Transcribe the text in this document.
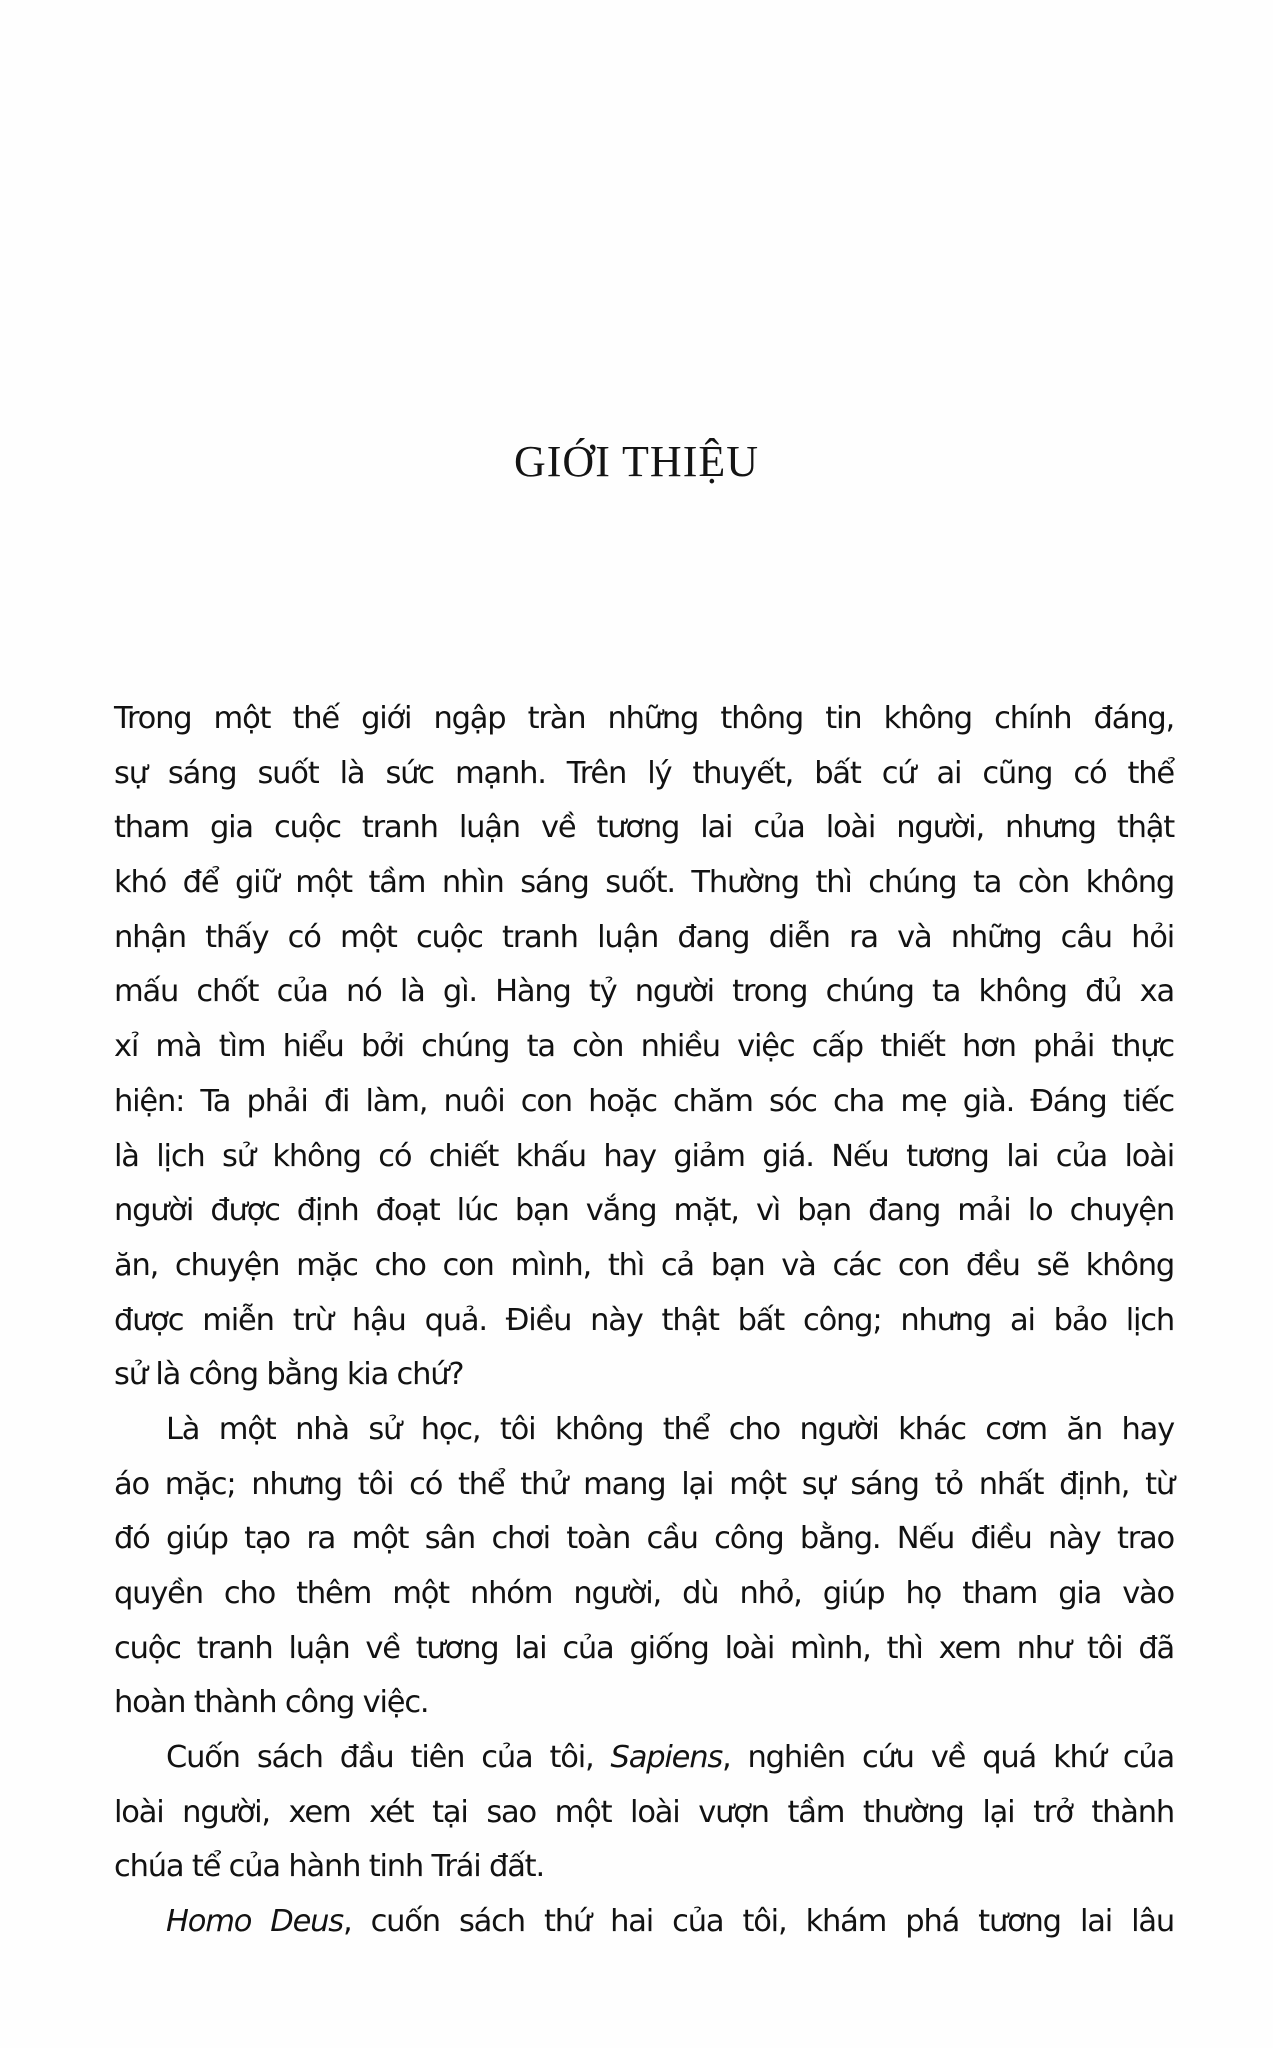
GIỚI THIỆU
Trong một thế giới ngập tràn những thông tin không chính đáng,
sự sáng suốt là sức mạnh. Trên lý thuyết, bất cứ ai cũng có thể
tham gia cuộc tranh luận về tương lai của loài người, nhưng thật
khó để giữ một tầm nhìn sáng suốt. Thường thì chúng ta còn không
nhận thấy có một cuộc tranh luận đang diễn ra và những câu hỏi
mấu chốt của nó là gì. Hàng tỷ người trong chúng ta không đủ xa
xỉ mà tìm hiểu bởi chúng ta còn nhiều việc cấp thiết hơn phải thực
hiện: Ta phải đi làm, nuôi con hoặc chăm sóc cha mẹ già. Đáng tiếc
là lịch sử không có chiết khấu hay giảm giá. Nếu tương lai của loài
người được định đoạt lúc bạn vắng mặt, vì bạn đang mải lo chuyện
ăn, chuyện mặc cho con mình, thì cả bạn và các con đều sẽ không
được miễn trừ hậu quả. Điều này thật bất công; nhưng ai bảo lịch
sử là công bằng kia chứ?
Là một nhà sử học, tôi không thể cho người khác cơm ăn hay
áo mặc; nhưng tôi có thể thử mang lại một sự sáng tỏ nhất định, từ
đó giúp tạo ra một sân chơi toàn cầu công bằng. Nếu điều này trao
quyền cho thêm một nhóm người, dù nhỏ, giúp họ tham gia vào
cuộc tranh luận về tương lai của giống loài mình, thì xem như tôi đã
hoàn thành công việc.
Cuốn sách đầu tiên của tôi, Sapiens, nghiên cứu về quá khứ của
loài người, xem xét tại sao một loài vượn tầm thường lại trở thành
chúa tể của hành tinh Trái đất.
Homo Deus, cuốn sách thứ hai của tôi, khám phá tương lai lâu
